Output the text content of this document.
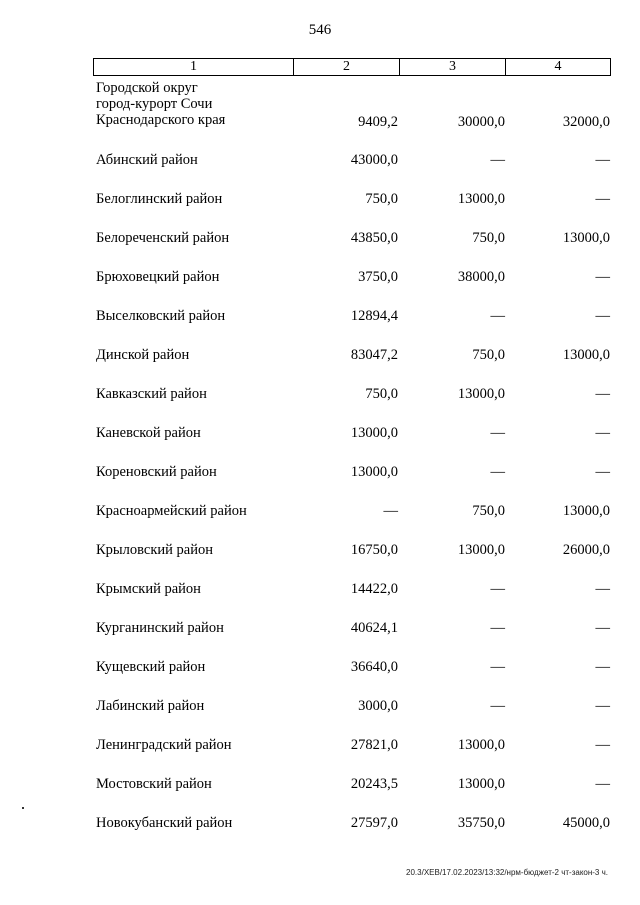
546
1	2	3	4
Городской округ
город-курорт Сочи
Краснодарского края	9409,2	30000,0	32000,0
Абинский район	43000,0	—	—
Белоглинский район	750,0	13000,0	—
Белореченский район	43850,0	750,0	13000,0
Брюховецкий район	3750,0	38000,0	—
Выселковский район	12894,4	—	—
Динской район	83047,2	750,0	13000,0
Кавказский район	750,0	13000,0	—
Каневской район	13000,0	—	—
Кореновский район	13000,0	—	—
Красноармейский район	—	750,0	13000,0
Крыловский район	16750,0	13000,0	26000,0
Крымский район	14422,0	—	—
Курганинский район	40624,1	—	—
Кущевский район	36640,0	—	—
Лабинский район	3000,0	—	—
Ленинградский район	27821,0	13000,0	—
Мостовский район	20243,5	13000,0	—
Новокубанский район	27597,0	35750,0	45000,0
20.3/XEB/17.02.2023/13:32/нрм-бюджет-2 чт-закон-3 ч.
